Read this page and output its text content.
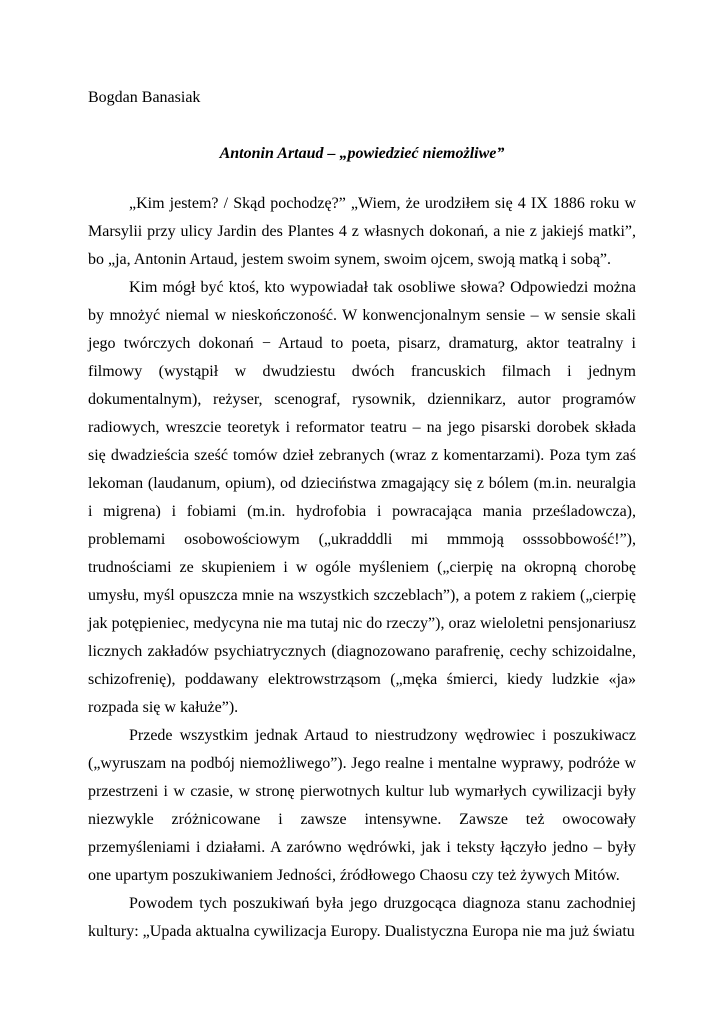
Bogdan Banasiak

Antonin Artaud – „powiedzieć niemożliwe”

„Kim jestem? / Skąd pochodzę?” „Wiem, że urodziłem się 4 IX 1886 roku w Marsylii przy ulicy Jardin des Plantes 4 z własnych dokonań, a nie z jakiejś matki”, bo „ja, Antonin Artaud, jestem swoim synem, swoim ojcem, swoją matką i sobą”.

Kim mógł być ktoś, kto wypowiadał tak osobliwe słowa? Odpowiedzi można by mnożyć niemal w nieskończoność. W konwencjonalnym sensie – w sensie skali jego twórczych dokonań − Artaud to poeta, pisarz, dramaturg, aktor teatralny i filmowy (wystąpił w dwudziestu dwóch francuskich filmach i jednym dokumentalnym), reżyser, scenograf, rysownik, dziennikarz, autor programów radiowych, wreszcie teoretyk i reformator teatru – na jego pisarski dorobek składa się dwadzieścia sześć tomów dzieł zebranych (wraz z komentarzami). Poza tym zaś lekoman (laudanum, opium), od dzieciństwa zmagający się z bólem (m.in. neuralgia i migrena) i fobiami (m.in. hydrofobia i powracająca mania prześladowcza), problemami osobowościowym („ukradddli mi mmmoją osssobbowość!”), trudnościami ze skupieniem i w ogóle myśleniem („cierpię na okropną chorobę umysłu, myśl opuszcza mnie na wszystkich szczeblach”), a potem z rakiem („cierpię jak potępieniec, medycyna nie ma tutaj nic do rzeczy”), oraz wieloletni pensjonariusz licznych zakładów psychiatrycznych (diagnozowano parafrenię, cechy schizoidalne, schizofrenię), poddawany elektrowstrząsom („męka śmierci, kiedy ludzkie «ja» rozpada się w kałuże”).

Przede wszystkim jednak Artaud to niestrudzony wędrowiec i poszukiwacz („wyruszam na podbój niemożliwego”). Jego realne i mentalne wyprawy, podróże w przestrzeni i w czasie, w stronę pierwotnych kultur lub wymarłych cywilizacji były niezwykle zróżnicowane i zawsze intensywne. Zawsze też owocowały przemyśleniami i działami. A zarówno wędrówki, jak i teksty łączyło jedno – były one upartym poszukiwaniem Jedności, źródłowego Chaosu czy też żywych Mitów.

Powodem tych poszukiwań była jego druzgocąca diagnoza stanu zachodniej kultury: „Upada aktualna cywilizacja Europy. Dualistyczna Europa nie ma już światu
